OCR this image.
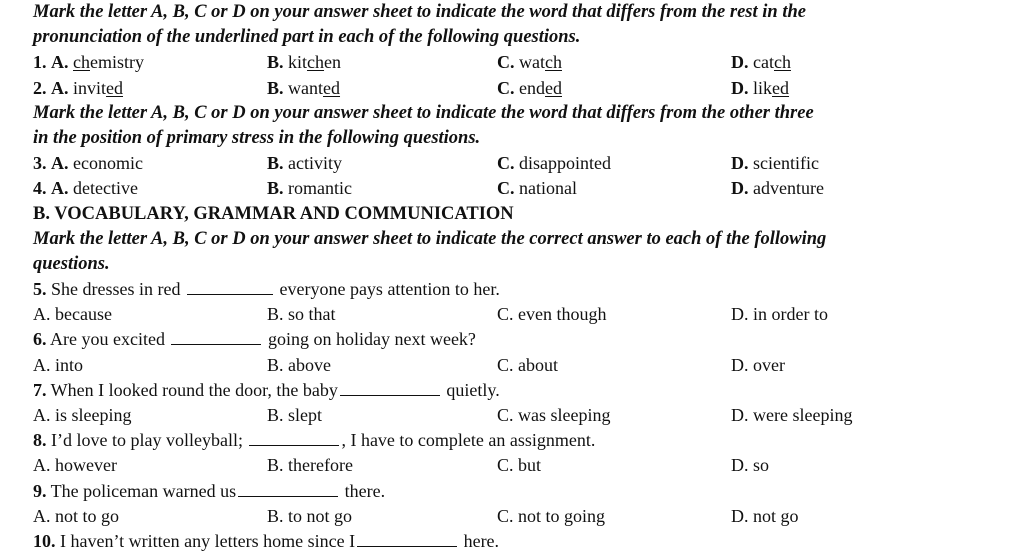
Mark the letter A, B, C or D on your answer sheet to indicate the word that differs from the rest in the
pronunciation of the underlined part in each of the following questions.
1. A. chemistry	B. kitchen	C. watch	D. catch
2. A. invited	B. wanted	C. ended	D. liked
Mark the letter A, B, C or D on your answer sheet to indicate the word that differs from the other three
in the position of primary stress in the following questions.
3. A. economic	B. activity	C. disappointed	D. scientific
4. A. detective	B. romantic	C. national	D. adventure
B. VOCABULARY, GRAMMAR AND COMMUNICATION
Mark the letter A, B, C or D on your answer sheet to indicate the correct answer to each of the following
questions.
5. She dresses in red	everyone pays attention to her.
A. because	B. so that	C. even though	D. in order to
6. Are you excited	going on holiday next week?
A. into	B. above	C. about	D. over
7. When I looked round the door, the baby	quietly.
A. is sleeping	B. slept	C. was sleeping	D. were sleeping
8. I’d love to play volleyball;	, I have to complete an assignment.
A. however	B. therefore	C. but	D. so
9. The policeman warned us	there.
A. not to go	B. to not go	C. not to going	D. not go
10. I haven’t written any letters home since I	here.
